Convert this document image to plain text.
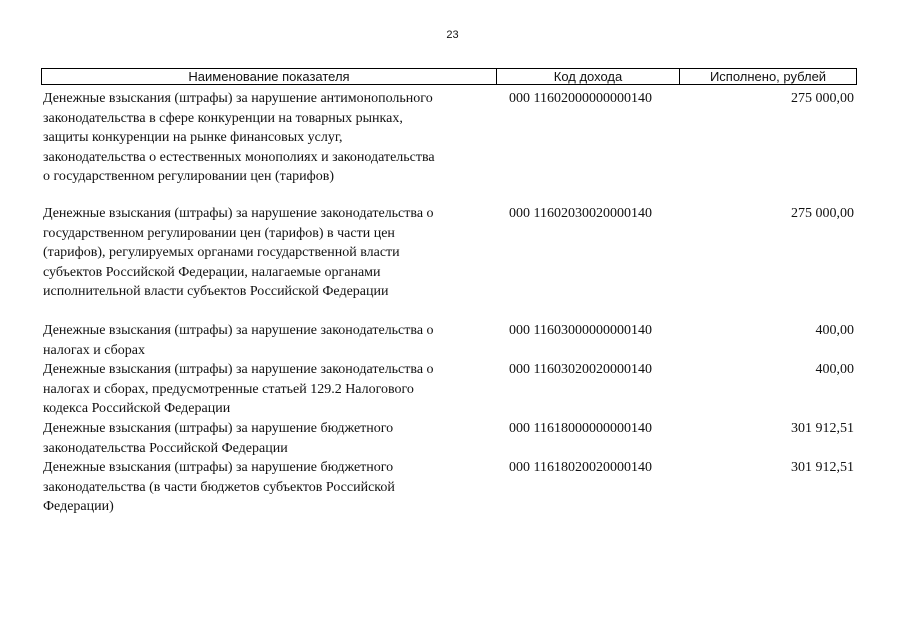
23
Наименование показателя	Код дохода	Исполнено, рублей
Денежные взыскания (штрафы) за нарушение антимонопольного
законодательства в сфере конкуренции на товарных рынках,
защиты конкуренции на рынке финансовых услуг,
законодательства о естественных монополиях и законодательства
о государственном регулировании цен (тарифов)
000 11602000000000140	275 000,00
Денежные взыскания (штрафы) за нарушение законодательства о
государственном регулировании цен (тарифов) в части цен
(тарифов), регулируемых органами государственной власти
субъектов Российской Федерации, налагаемые органами
исполнительной власти субъектов Российской Федерации
000 11602030020000140	275 000,00
Денежные взыскания (штрафы) за нарушение законодательства о
налогах и сборах
000 11603000000000140	400,00
Денежные взыскания (штрафы) за нарушение законодательства о
налогах и сборах, предусмотренные статьей 129.2 Налогового
кодекса Российской Федерации
000 11603020020000140	400,00
Денежные взыскания (штрафы) за нарушение бюджетного
законодательства Российской Федерации
000 11618000000000140	301 912,51
Денежные взыскания (штрафы) за нарушение бюджетного
законодательства (в части бюджетов субъектов Российской
Федерации)
000 11618020020000140	301 912,51
